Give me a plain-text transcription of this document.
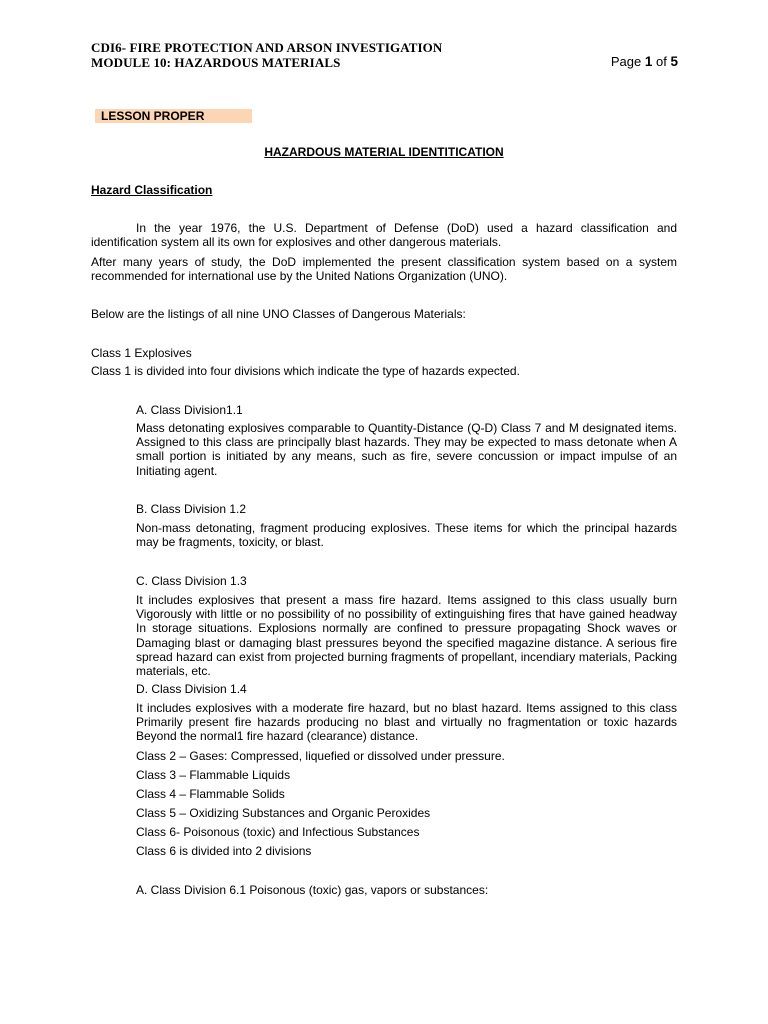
CDI6- FIRE PROTECTION AND ARSON INVESTIGATION
MODULE 10: HAZARDOUS MATERIALS	Page 1 of 5
LESSON PROPER
HAZARDOUS MATERIAL IDENTITICATION
Hazard Classification
In the year 1976, the U.S. Department of Defense (DoD) used a hazard classification and identification system all its own for explosives and other dangerous materials.
After many years of study, the DoD implemented the present classification system based on a system recommended for international use by the United Nations Organization (UNO).
Below are the listings of all nine UNO Classes of Dangerous Materials:
Class 1 Explosives
Class 1 is divided into four divisions which indicate the type of hazards expected.
A. Class Division1.1
Mass detonating explosives comparable to Quantity-Distance (Q-D) Class 7 and M designated items. Assigned to this class are principally blast hazards. They may be expected to mass detonate when A small portion is initiated by any means, such as fire, severe concussion or impact impulse of an Initiating agent.
B. Class Division 1.2
Non-mass detonating, fragment producing explosives. These items for which the principal hazards may be fragments, toxicity, or blast.
C. Class Division 1.3
It includes explosives that present a mass fire hazard. Items assigned to this class usually burn Vigorously with little or no possibility of no possibility of extinguishing fires that have gained headway In storage situations. Explosions normally are confined to pressure propagating Shock waves or Damaging blast or damaging blast pressures beyond the specified magazine distance. A serious fire spread hazard can exist from projected burning fragments of propellant, incendiary materials, Packing materials, etc.
D. Class Division 1.4
It includes explosives with a moderate fire hazard, but no blast hazard. Items assigned to this class Primarily present fire hazards producing no blast and virtually no fragmentation or toxic hazards Beyond the normal1 fire hazard (clearance) distance.
Class 2 – Gases: Compressed, liquefied or dissolved under pressure.
Class 3 – Flammable Liquids
Class 4 – Flammable Solids
Class 5 – Oxidizing Substances and Organic Peroxides
Class 6- Poisonous (toxic) and Infectious Substances
Class 6 is divided into 2 divisions
A. Class Division 6.1 Poisonous (toxic) gas, vapors or substances:
